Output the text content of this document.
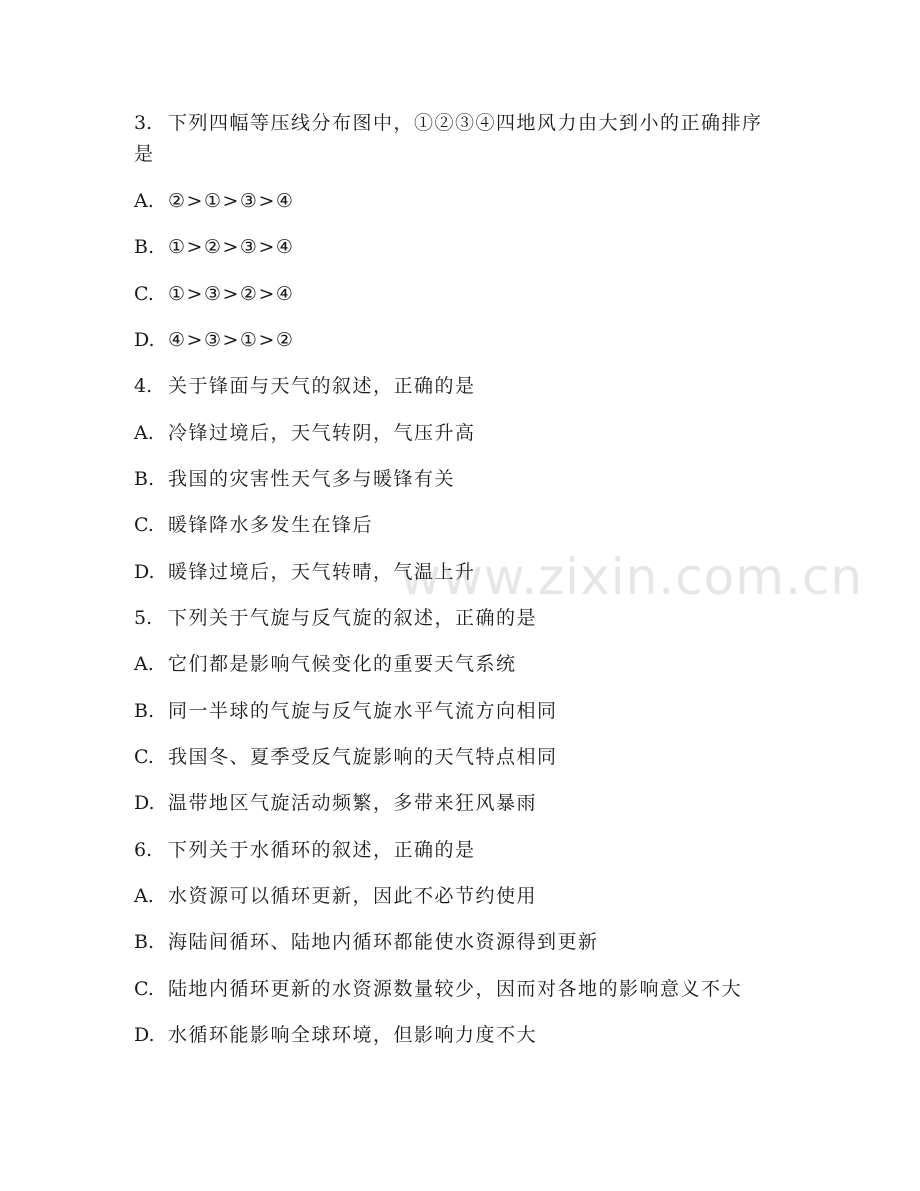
www.zixin.com.cn
3. 下列四幅等压线分布图中，①②③④四地风力由大到小的正确排序
是
A. ②>①>③>④
B. ①>②>③>④
C. ①>③>②>④
D. ④>③>①>②
4. 关于锋面与天气的叙述，正确的是
A. 冷锋过境后，天气转阴，气压升高
B. 我国的灾害性天气多与暖锋有关
C. 暖锋降水多发生在锋后
D. 暖锋过境后，天气转晴，气温上升
5. 下列关于气旋与反气旋的叙述，正确的是
A. 它们都是影响气候变化的重要天气系统
B. 同一半球的气旋与反气旋水平气流方向相同
C. 我国冬、夏季受反气旋影响的天气特点相同
D. 温带地区气旋活动频繁，多带来狂风暴雨
6. 下列关于水循环的叙述，正确的是
A. 水资源可以循环更新，因此不必节约使用
B. 海陆间循环、陆地内循环都能使水资源得到更新
C. 陆地内循环更新的水资源数量较少，因而对各地的影响意义不大
D. 水循环能影响全球环境，但影响力度不大
